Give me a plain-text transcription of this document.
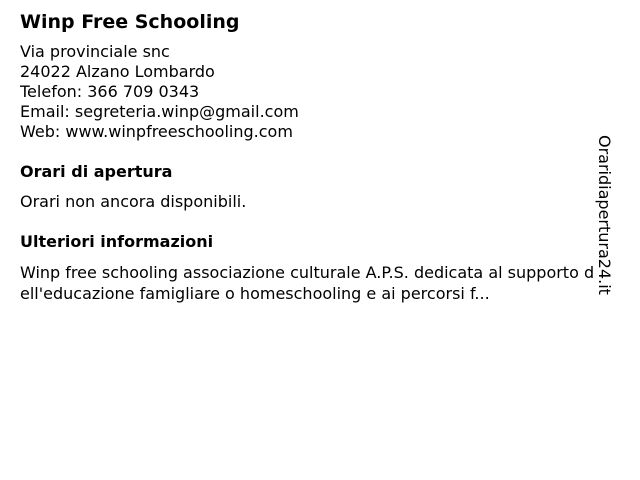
Winp Free Schooling
Via provinciale snc
24022 Alzano Lombardo
Telefon: 366 709 0343
Email: segreteria.winp@gmail.com
Web: www.winpfreeschooling.com
Orari di apertura
Orari non ancora disponibili.
Ulteriori informazioni
Winp free schooling associazione culturale A.P.S. dedicata al supporto dell'educazione famigliare o homeschooling e ai percorsi f...	Oraridiapertura24.it
